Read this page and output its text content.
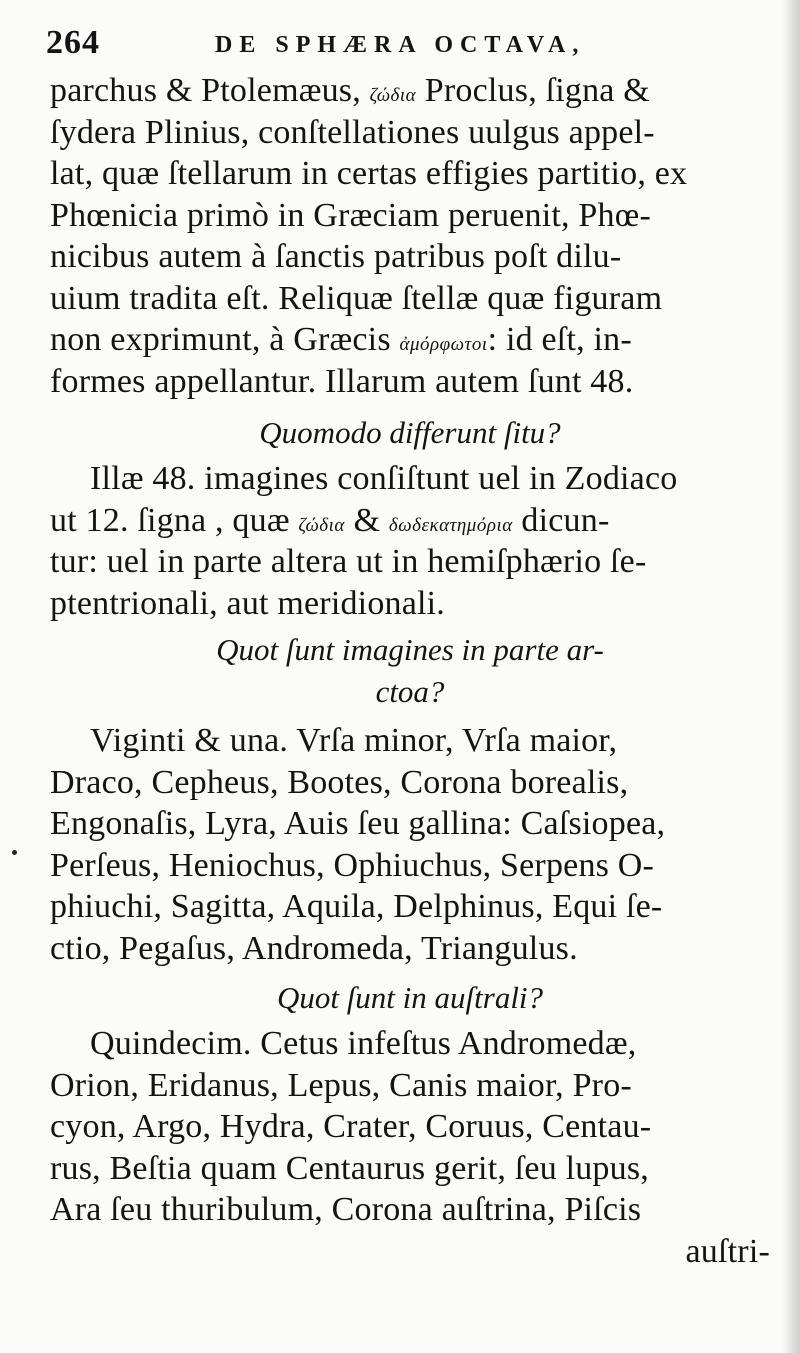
264	DE SPHÆRA OCTAVA,
parchus & Ptolemæus, ζώδια Proclus, ſigna &
ſydera Plinius, conſtellationes uulgus appel-
lat, quæ ſtellarum in certas effigies partitio, ex
Phœnicia primò in Græciam peruenit, Phœ-
nicibus autem à ſanctis patribus poſt dilu-
uium tradita eſt. Reliquæ ſtellæ quæ figuram
non exprimunt, à Græcis ἀμόρφωτοι: id eſt, in-
formes appellantur. Illarum autem ſunt 48.
Quomodo differunt ſitu?
Illæ 48. imagines conſiſtunt uel in Zodiaco
ut 12. ſigna , quæ ζώδια & δωδεκατημόρια dicun-
tur: uel in parte altera ut in hemiſphærio ſe-
ptentrionali, aut meridionali.
Quot ſunt imagines in parte ar-
ctoa?
Viginti & una. Vrſa minor, Vrſa maior,
Draco, Cepheus, Bootes, Corona borealis,
Engonaſis, Lyra, Auis ſeu gallina: Caſsiopea,
Perſeus, Heniochus, Ophiuchus, Serpens O-
phiuchi, Sagitta, Aquila, Delphinus, Equi ſe-
ctio, Pegaſus, Andromeda, Triangulus.
Quot ſunt in auſtrali?
Quindecim. Cetus infeſtus Andromedæ,
Orion, Eridanus, Lepus, Canis maior, Pro-
cyon, Argo, Hydra, Crater, Coruus, Centau-
rus, Beſtia quam Centaurus gerit, ſeu lupus,
Ara ſeu thuribulum, Corona auſtrina, Piſcis
auſtri-
